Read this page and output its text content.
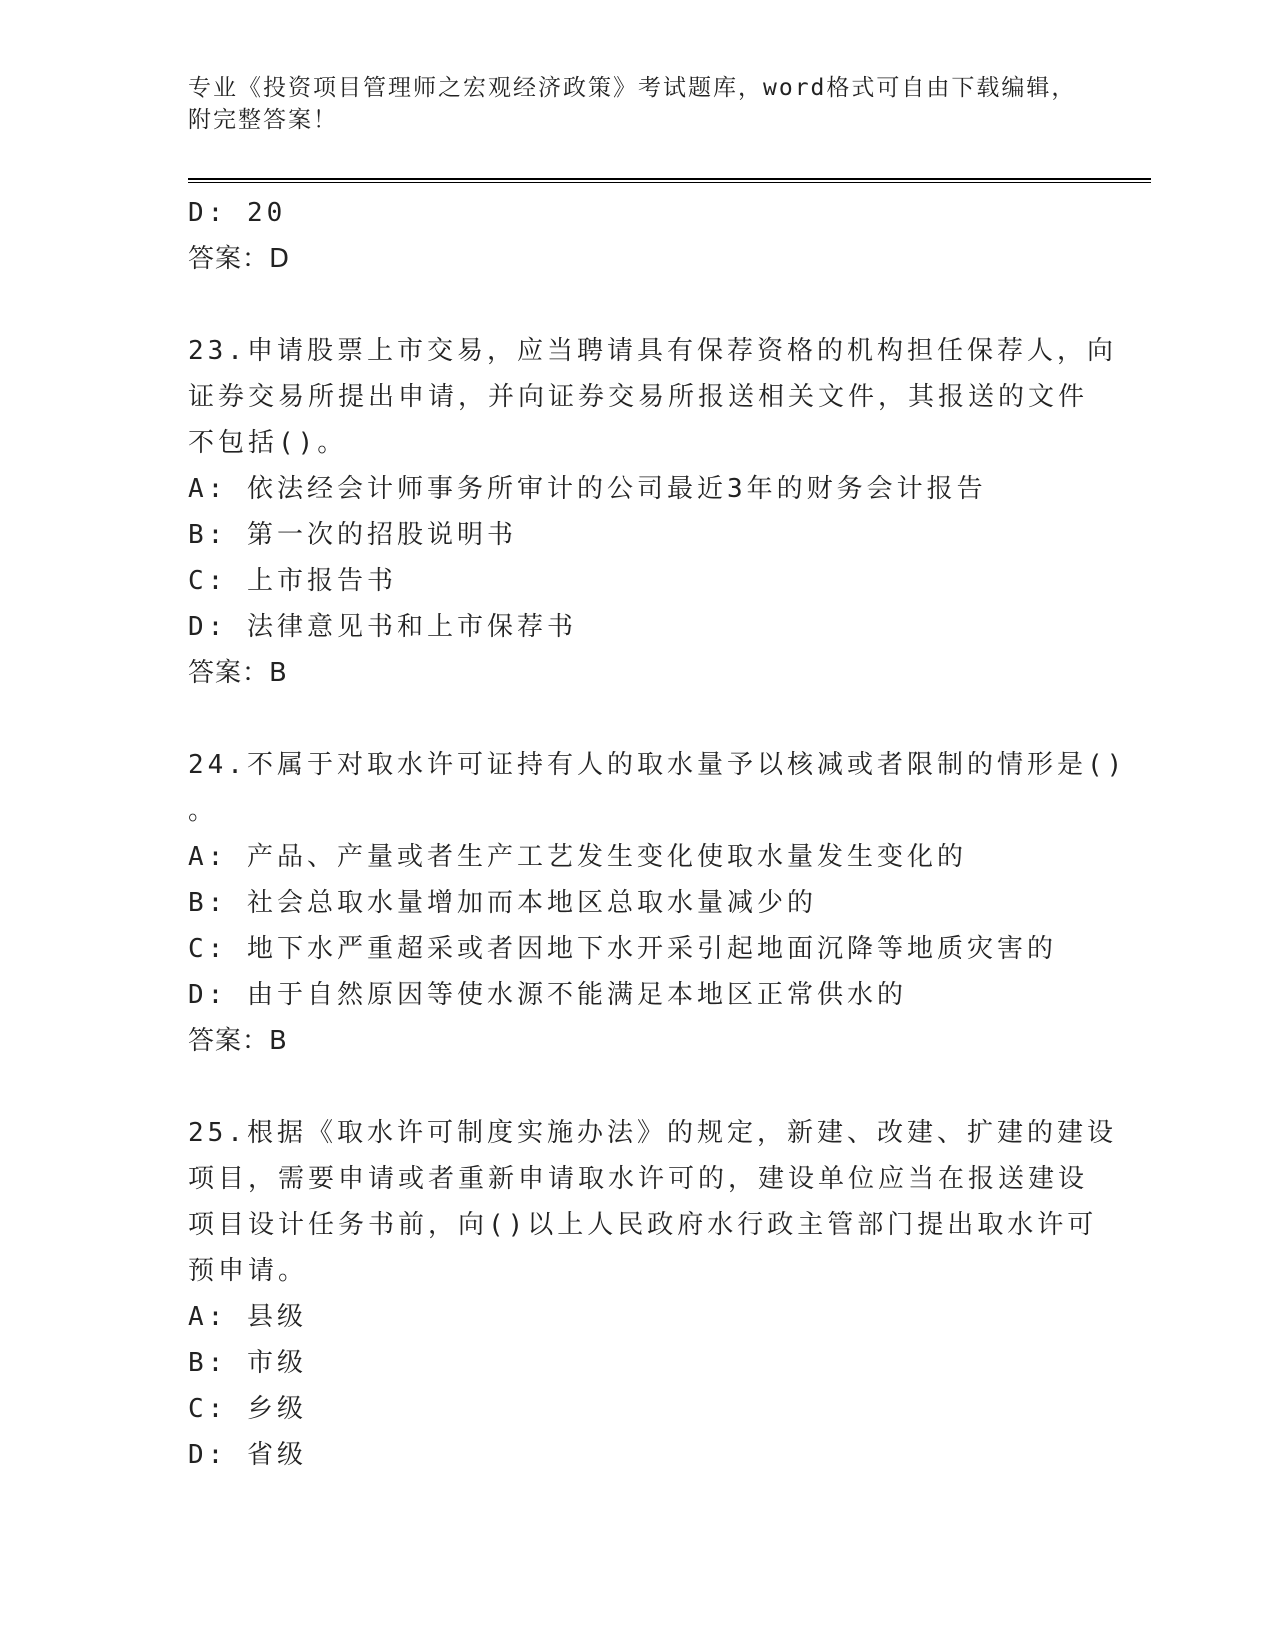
专业《投资项目管理师之宏观经济政策》考试题库，word格式可自由下载编辑，
附完整答案！
D: 20
答案：D
23.申请股票上市交易，应当聘请具有保荐资格的机构担任保荐人，向
证券交易所提出申请，并向证券交易所报送相关文件，其报送的文件
不包括()。
A: 依法经会计师事务所审计的公司最近3年的财务会计报告
B: 第一次的招股说明书
C: 上市报告书
D: 法律意见书和上市保荐书
答案：B
24.不属于对取水许可证持有人的取水量予以核减或者限制的情形是()
。
A: 产品、产量或者生产工艺发生变化使取水量发生变化的
B: 社会总取水量增加而本地区总取水量减少的
C: 地下水严重超采或者因地下水开采引起地面沉降等地质灾害的
D: 由于自然原因等使水源不能满足本地区正常供水的
答案：B
25.根据《取水许可制度实施办法》的规定，新建、改建、扩建的建设
项目，需要申请或者重新申请取水许可的，建设单位应当在报送建设
项目设计任务书前，向()以上人民政府水行政主管部门提出取水许可
预申请。
A: 县级
B: 市级
C: 乡级
D: 省级
